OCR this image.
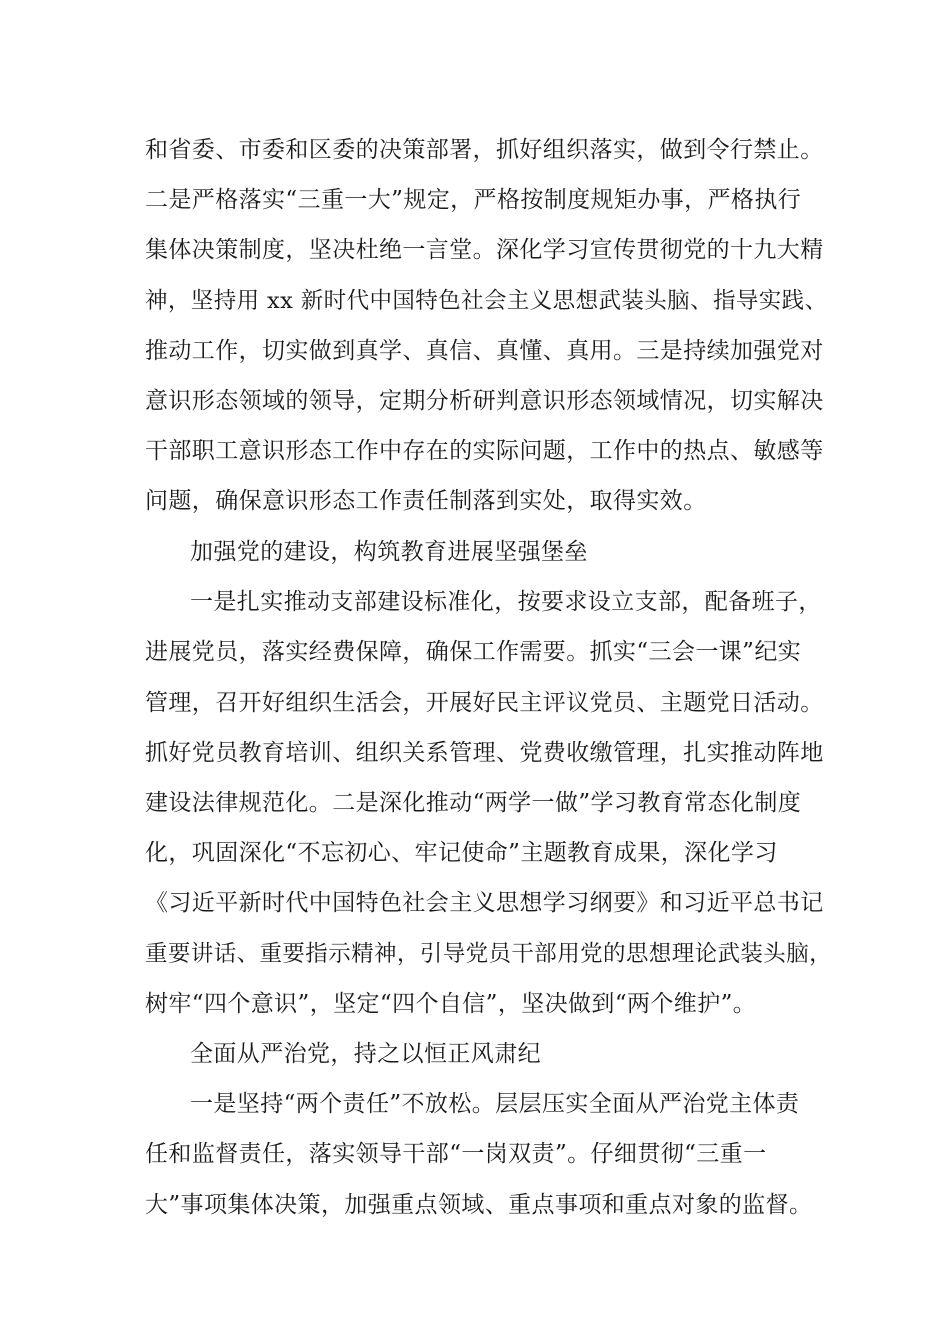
和省委、市委和区委的决策部署，抓好组织落实，做到令行禁止。

二是严格落实“三重一大”规定，严格按制度规矩办事，严格执行

集体决策制度，坚决杜绝一言堂。深化学习宣传贯彻党的十九大精

神，坚持用 xx 新时代中国特色社会主义思想武装头脑、指导实践、

推动工作，切实做到真学、真信、真懂、真用。三是持续加强党对

意识形态领域的领导，定期分析研判意识形态领域情况，切实解决

干部职工意识形态工作中存在的实际问题，工作中的热点、敏感等

问题，确保意识形态工作责任制落到实处，取得实效。

加强党的建设，构筑教育进展坚强堡垒

一是扎实推动支部建设标准化，按要求设立支部，配备班子，

进展党员，落实经费保障，确保工作需要。抓实“三会一课”纪实

管理，召开好组织生活会，开展好民主评议党员、主题党日活动。

抓好党员教育培训、组织关系管理、党费收缴管理，扎实推动阵地

建设法律规范化。二是深化推动“两学一做”学习教育常态化制度

化，巩固深化“不忘初心、牢记使命”主题教育成果，深化学习

《习近平新时代中国特色社会主义思想学习纲要》和习近平总书记

重要讲话、重要指示精神，引导党员干部用党的思想理论武装头脑，

树牢“四个意识”，坚定“四个自信”，坚决做到“两个维护”。

全面从严治党，持之以恒正风肃纪

一是坚持“两个责任”不放松。层层压实全面从严治党主体责

任和监督责任，落实领导干部“一岗双责”。仔细贯彻“三重一

大”事项集体决策，加强重点领域、重点事项和重点对象的监督。
